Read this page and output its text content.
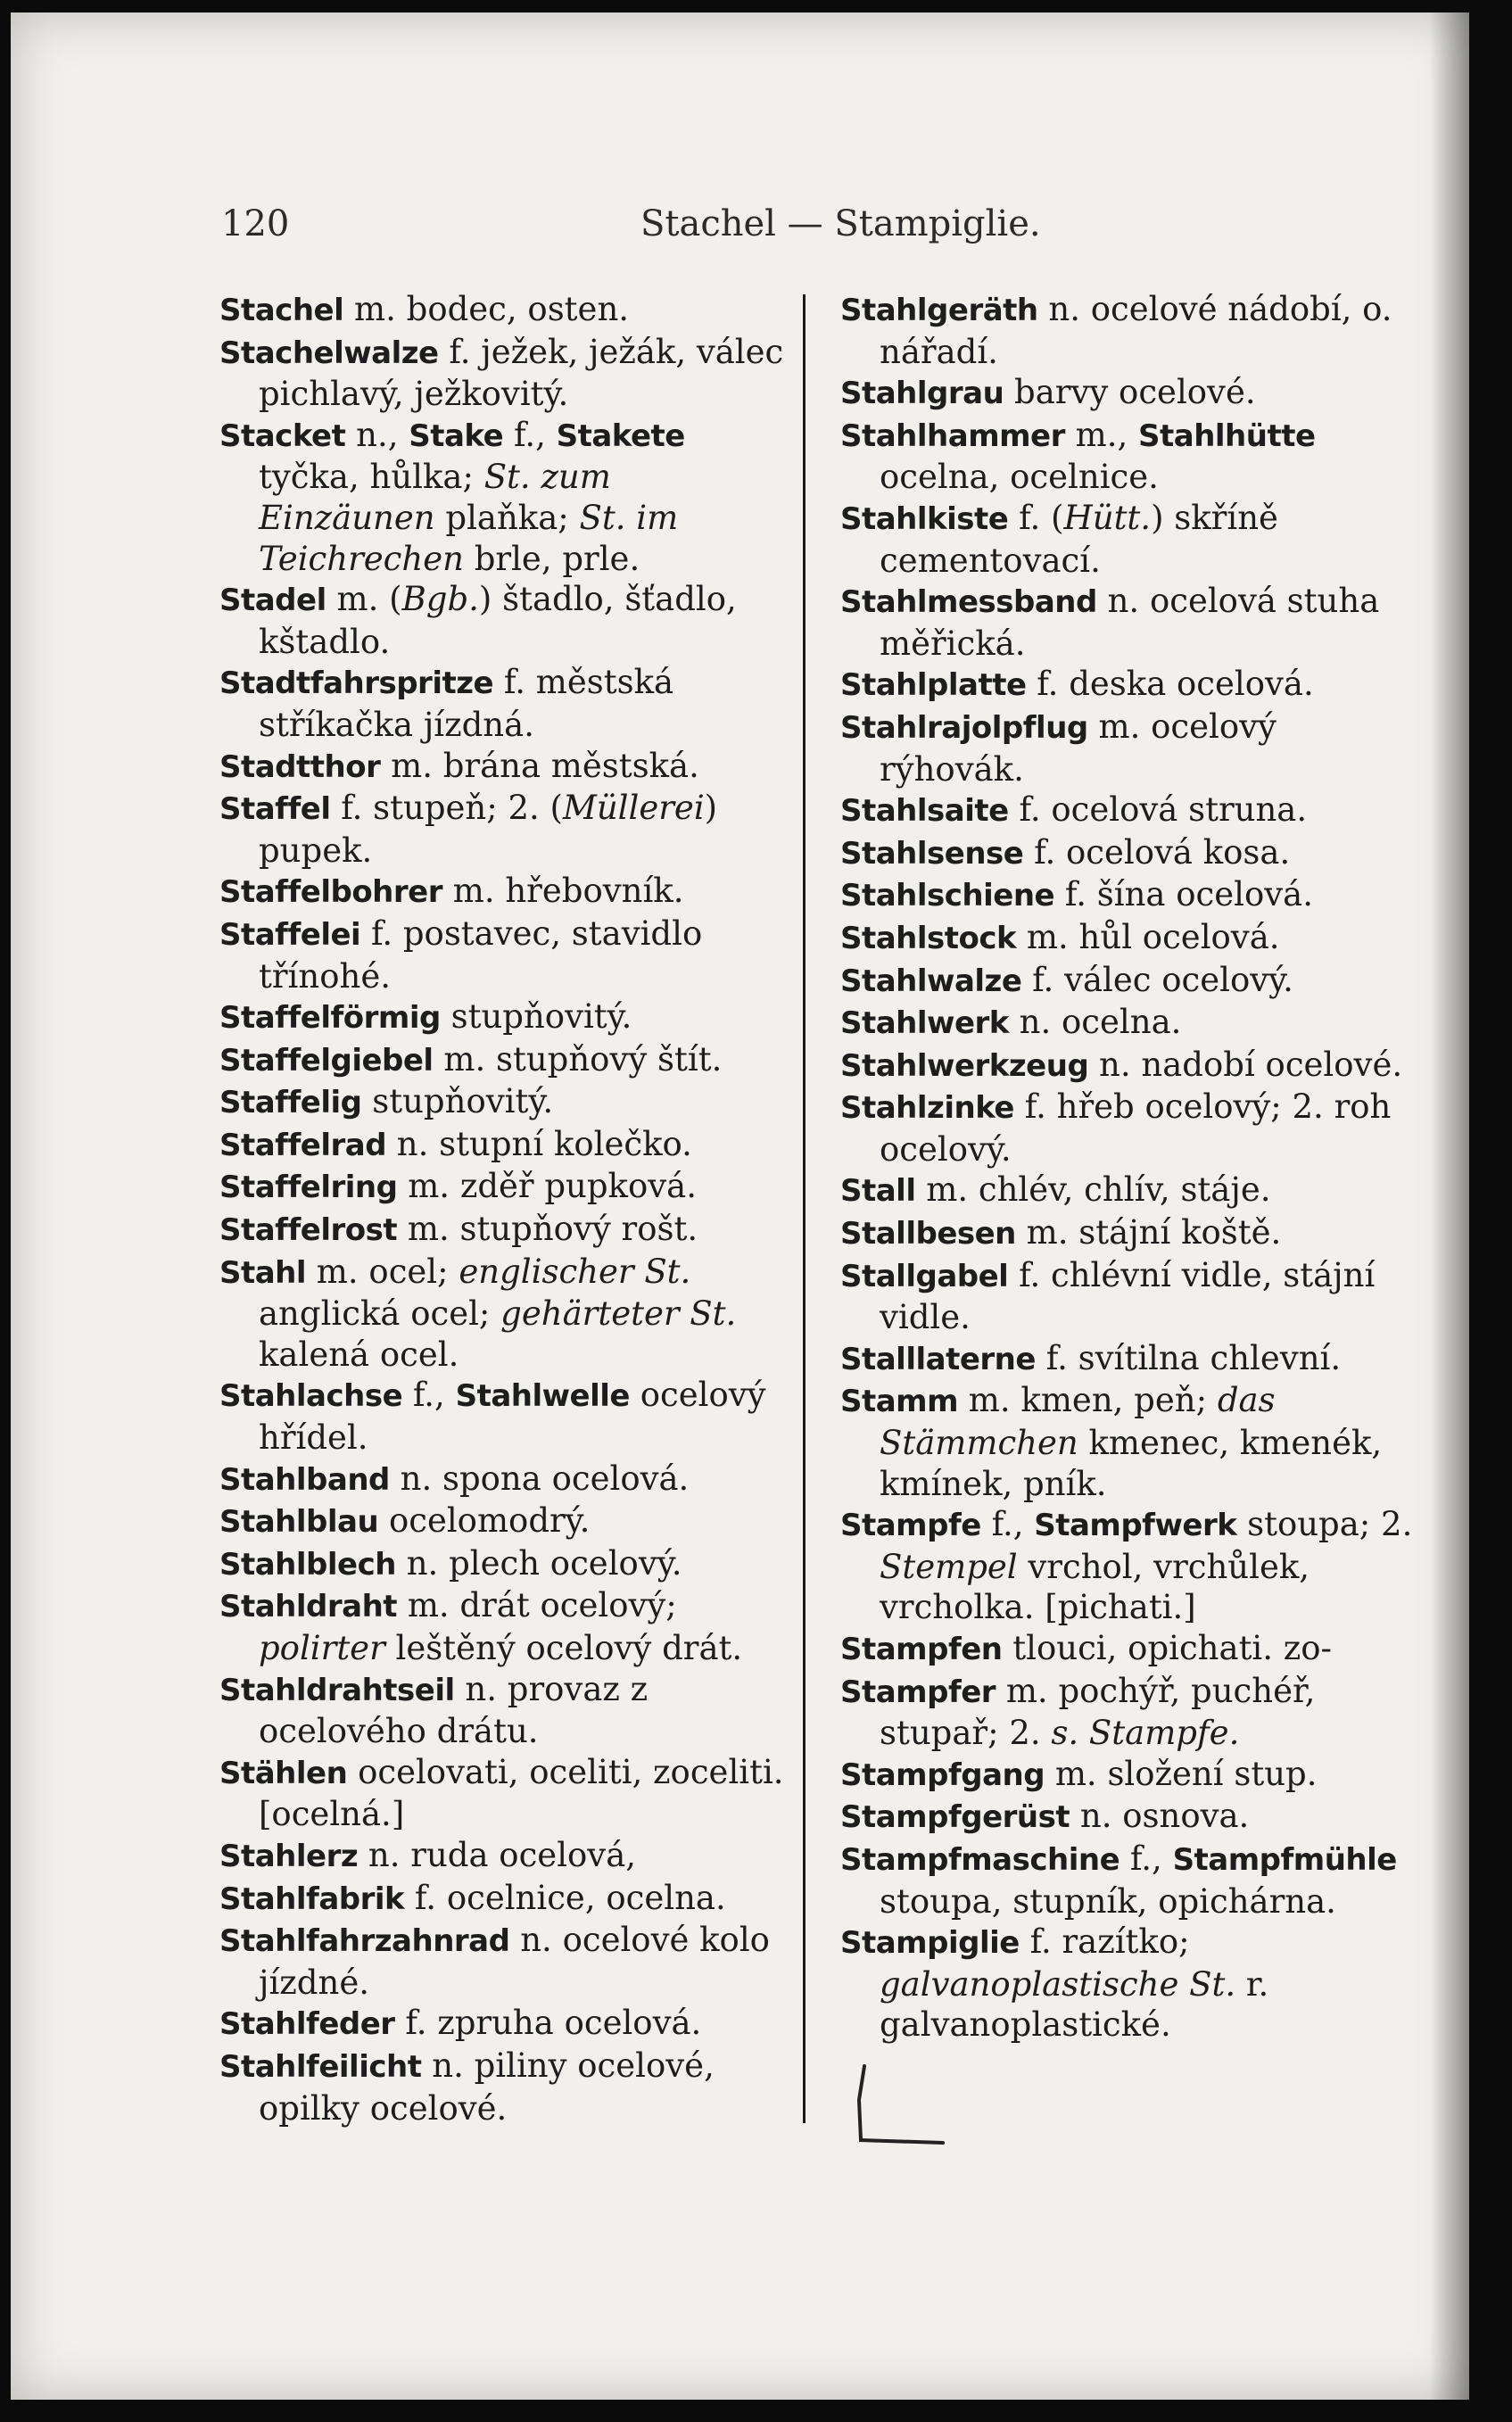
120	Stachel — Stampiglie.
Stachel m. bodec, osten.
Stachelwalze f. ježek, ježák, válec pichlavý, ježkovitý.
Stacket n., Stake f., Stakete tyčka, hůlka; St. zum Einzäunen plaňka; St. im Teichrechen brle, prle.
Stadel m. (Bgb.) štadlo, šťadlo, kštadlo.
Stadtfahrspritze f. městská stříkačka jízdná.
Stadtthor m. brána městská.
Staffel f. stupeň; 2. (Müllerei) pupek.
Staffelbohrer m. hřebovník.
Staffelei f. postavec, stavidlo třínohé.
Staffelförmig stupňovitý.
Staffelgiebel m. stupňový štít.
Staffelig stupňovitý.
Staffelrad n. stupní kolečko.
Staffelring m. zděř pupková.
Staffelrost m. stupňový rošt.
Stahl m. ocel; englischer St. anglická ocel; gehärteter St. kalená ocel.
Stahlachse f., Stahlwelle ocelový hřídel.
Stahlband n. spona ocelová.
Stahlblau ocelomodrý.
Stahlblech n. plech ocelový.
Stahldraht m. drát ocelový; polirter leštěný ocelový drát.
Stahldrahtseil n. provaz z ocelového drátu.
Stählen ocelovati, oceliti, zoceliti. [ocelná.]
Stahlerz n. ruda ocelová,
Stahlfabrik f. ocelnice, ocelna.
Stahlfahrzahnrad n. ocelové kolo jízdné.
Stahlfeder f. zpruha ocelová.
Stahlfeilicht n. piliny ocelové, opilky ocelové.
Stahlgeräth n. ocelové nádobí, o. nářadí.
Stahlgrau barvy ocelové.
Stahlhammer m., Stahlhütte ocelna, ocelnice.
Stahlkiste f. (Hütt.) skříně cementovací.
Stahlmessband n. ocelová stuha měřická.
Stahlplatte f. deska ocelová.
Stahlrajolpflug m. ocelový rýhovák.
Stahlsaite f. ocelová struna.
Stahlsense f. ocelová kosa.
Stahlschiene f. šína ocelová.
Stahlstock m. hůl ocelová.
Stahlwalze f. válec ocelový.
Stahlwerk n. ocelna.
Stahlwerkzeug n. nadobí ocelové.
Stahlzinke f. hřeb ocelový; 2. roh ocelový.
Stall m. chlév, chlív, stáje.
Stallbesen m. stájní koště.
Stallgabel f. chlévní vidle, stájní vidle.
Stalllaterne f. svítilna chlevní.
Stamm m. kmen, peň; das Stämmchen kmenec, kmenék, kmínek, pník.
Stampfe f., Stampfwerk stoupa; 2. Stempel vrchol, vrchůlek, vrcholka. [pichati.]
Stampfen tlouci, opichati. zo-
Stampfer m. pochýř, puchéř, stupař; 2. s. Stampfe.
Stampfgang m. složení stup.
Stampfgerüst n. osnova.
Stampfmaschine f., Stampfmühle stoupa, stupník, opichárna.
Stampiglie f. razítko; galvanoplastische St. r. galvanoplastické.
